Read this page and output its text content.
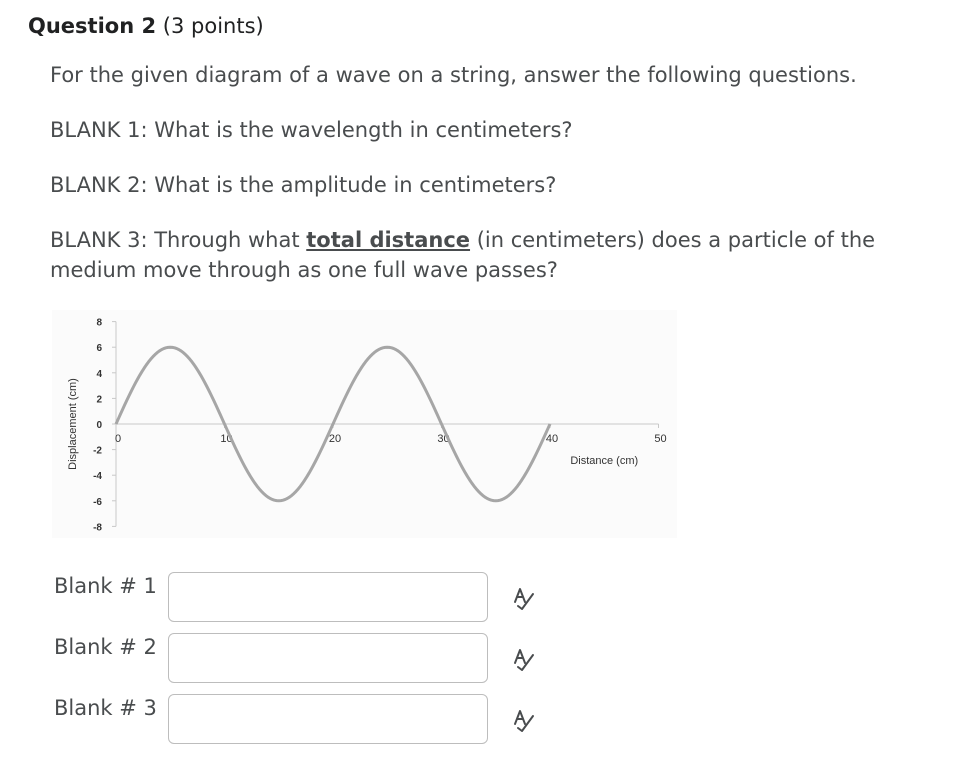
Question 2 (3 points)
For the given diagram of a wave on a string, answer the following questions.
BLANK 1: What is the wavelength in centimeters?
BLANK 2: What is the amplitude in centimeters?
BLANK 3: Through what total distance (in centimeters) does a particle of the medium move through as one full wave passes?
8
6
4
2
0
-2
-4
-6
-8
0	10	20	30	40	50
Distance (cm)
Displacement (cm)
Blank # 1
Blank # 2
Blank # 3
